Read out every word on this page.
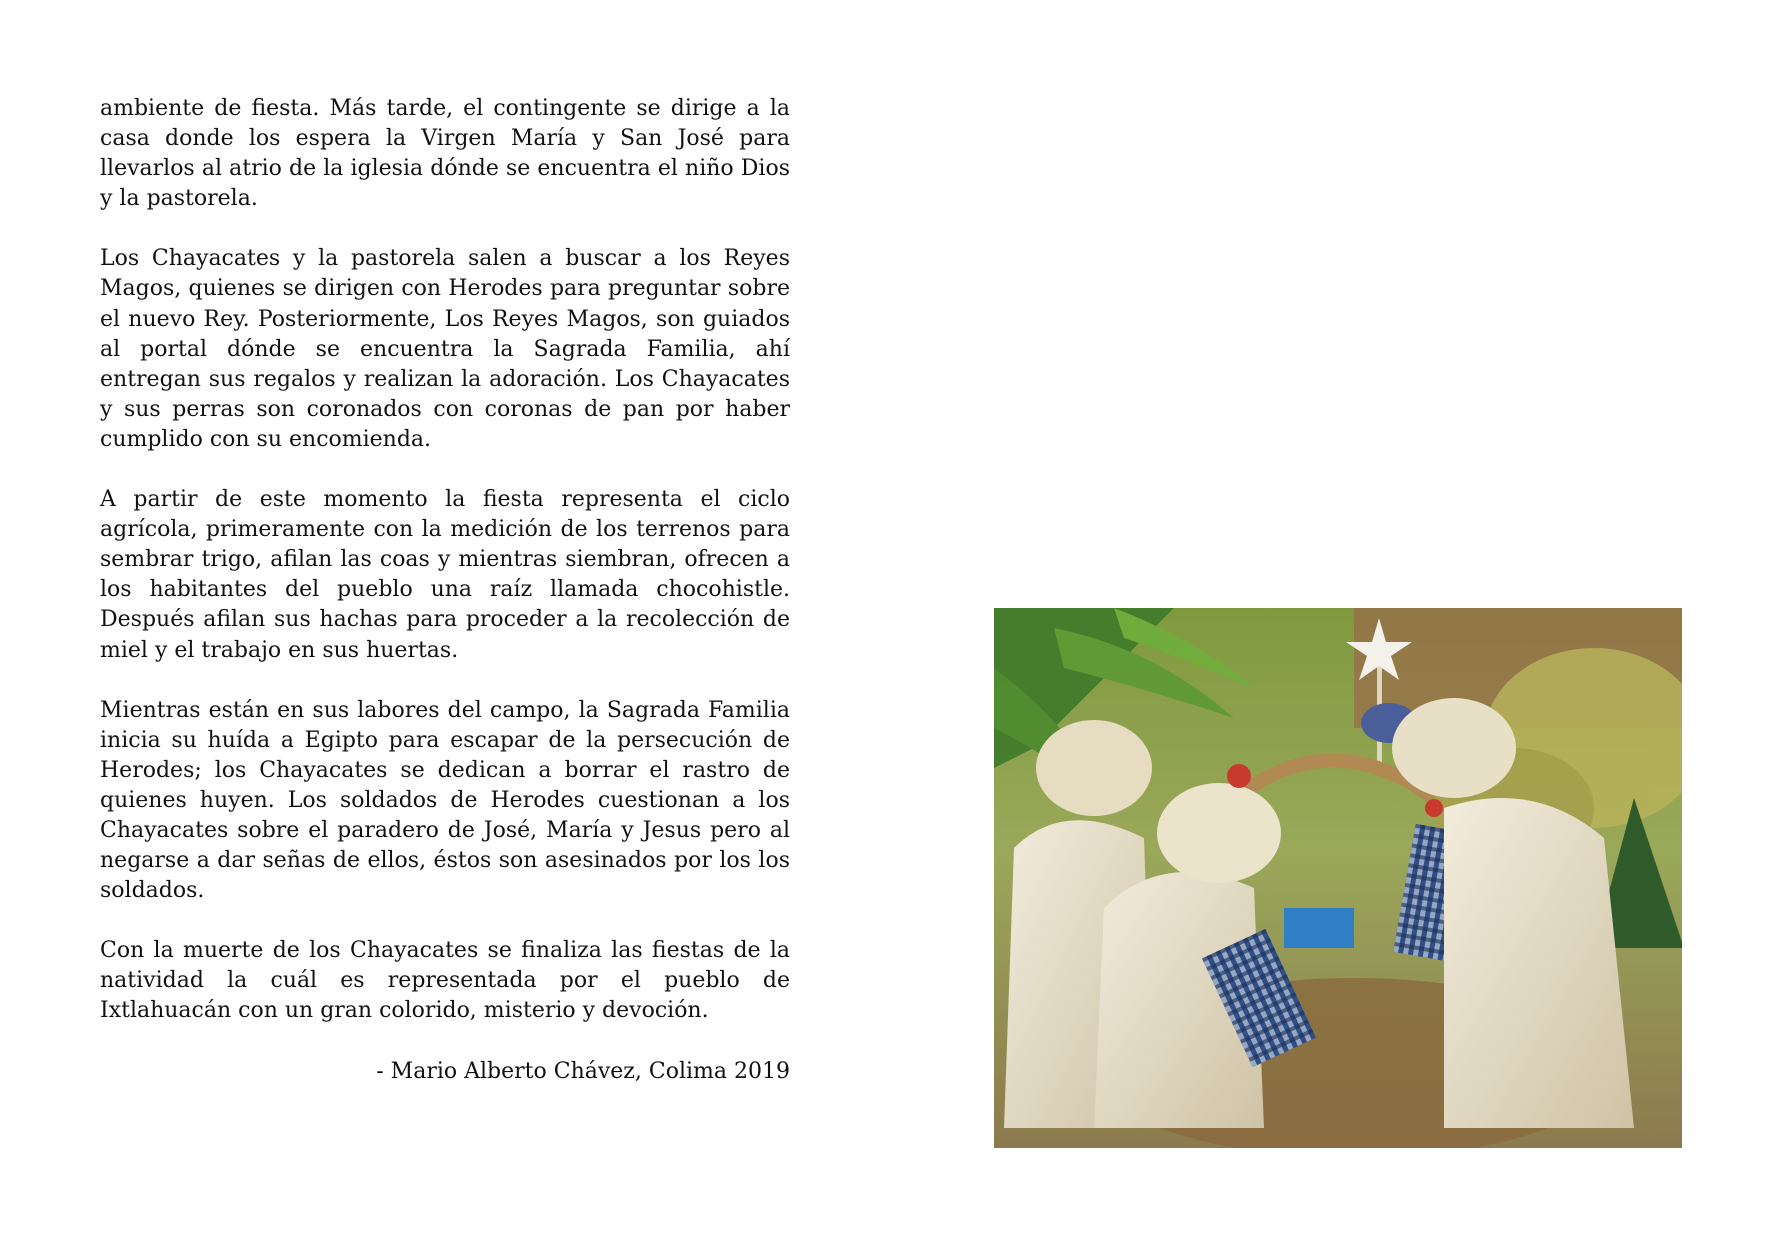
ambiente de fiesta. Más tarde, el contingente se dirige a la casa donde los espera la Virgen María y San José para llevarlos al atrio de la iglesia dónde se encuentra el niño Dios y la pastorela.

Los Chayacates y la pastorela salen a buscar a los Reyes Magos, quienes se dirigen con Herodes para preguntar sobre el nuevo Rey. Posteriormente, Los Reyes Magos, son guiados al portal dónde se encuentra la Sagrada Familia, ahí entregan sus regalos y realizan la adoración. Los Chayacates y sus perras son coronados con coronas de pan por haber cumplido con su encomienda.

A partir de este momento la fiesta representa el ciclo agrícola, primeramente con la medición de los terrenos para sembrar trigo, afilan las coas y mientras siembran, ofrecen a los habitantes del pueblo una raíz llamada chocohistle. Después afilan sus hachas para proceder a la recolección de miel y el trabajo en sus huertas.

Mientras están en sus labores del campo, la Sagrada Familia inicia su huída a Egipto para escapar de la persecución de Herodes; los Chayacates se dedican a borrar el rastro de quienes huyen. Los soldados de Herodes cuestionan a los Chayacates sobre el paradero de José, María y Jesus pero al negarse a dar señas de ellos, éstos son asesinados por los los soldados.

Con la muerte de los Chayacates se finaliza las fiestas de la natividad la cuál es representada por el pueblo de Ixtlahuacán con un gran colorido, misterio y devoción.

- Mario Alberto Chávez, Colima 2019
